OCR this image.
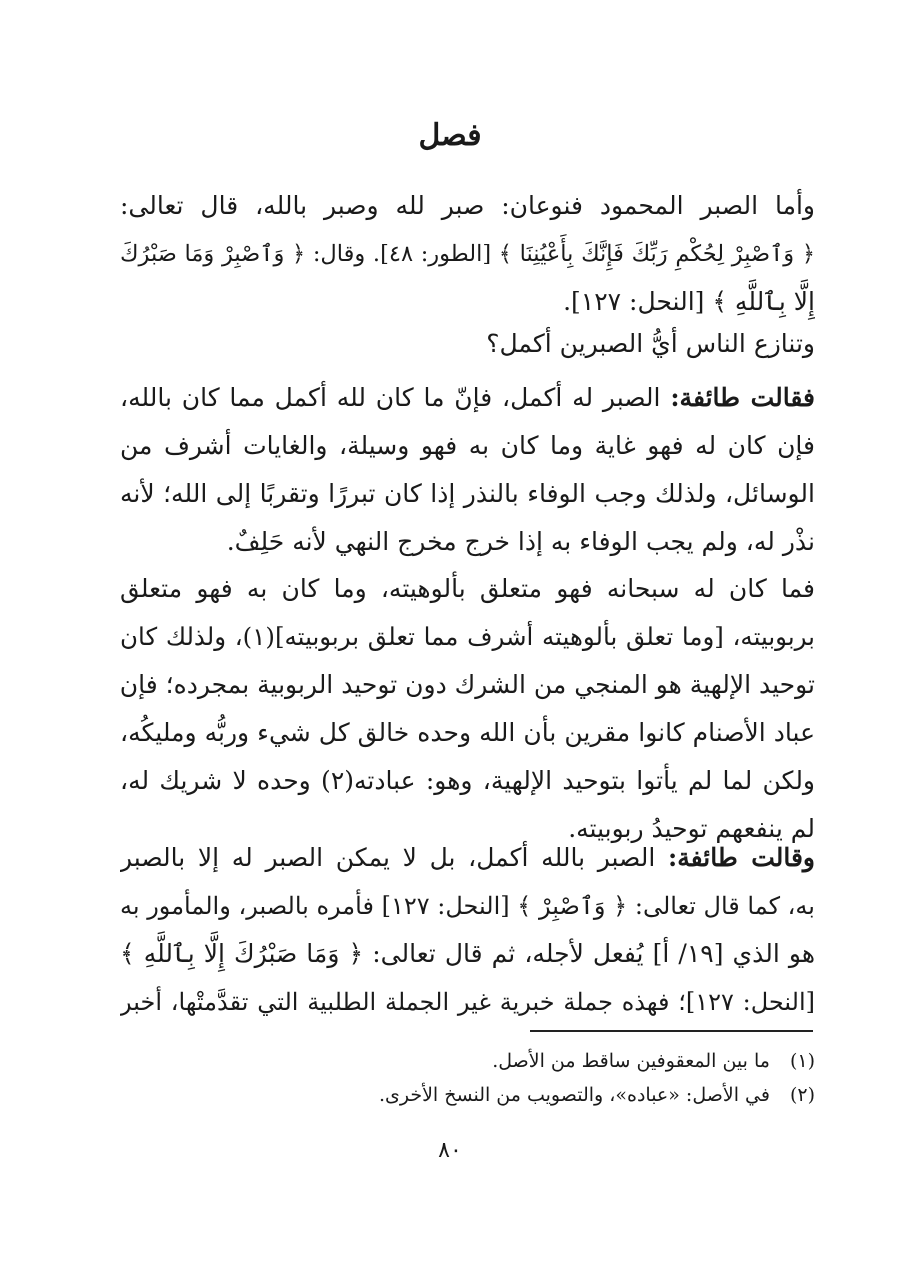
فصل
وأما الصبر المحمود فنوعان: صبر لله وصبر بالله، قال تعالى:
﴿ وَٱصْبِرْ لِحُكْمِ رَبِّكَ فَإِنَّكَ بِأَعْيُنِنَا ﴾ [الطور: ٤٨]. وقال: ﴿ وَٱصْبِرْ وَمَا صَبْرُكَ
إِلَّا بِٱللَّهِ ﴾ [النحل: ١٢٧].
وتنازع الناس أيُّ الصبرين أكمل؟
فقالت طائفة: الصبر له أكمل، فإنّ ما كان لله أكمل مما كان بالله،
فإن كان له فهو غاية وما كان به فهو وسيلة، والغايات أشرف من
الوسائل، ولذلك وجب الوفاء بالنذر إذا كان تبررًا وتقربًا إلى الله؛ لأنه
نذْر له، ولم يجب الوفاء به إذا خرج مخرج النهي لأنه حَلِفٌ.
فما كان له سبحانه فهو متعلق بألوهيته، وما كان به فهو متعلق
بربوبيته، [وما تعلق بألوهيته أشرف مما تعلق بربوبيته](١)، ولذلك كان
توحيد الإلهية هو المنجي من الشرك دون توحيد الربوبية بمجرده؛ فإن
عباد الأصنام كانوا مقرين بأن الله وحده خالق كل شيء وربُّه ومليكُه،
ولكن لما لم يأتوا بتوحيد الإلهية، وهو: عبادته(٢) وحده لا شريك له،
لم ينفعهم توحيدُ ربوبيته.
وقالت طائفة: الصبر بالله أكمل، بل لا يمكن الصبر له إلا بالصبر
به، كما قال تعالى: ﴿ وَٱصْبِرْ ﴾ [النحل: ١٢٧] فأمره بالصبر، والمأمور به
هو الذي [١٩/ أ] يُفعل لأجله، ثم قال تعالى: ﴿ وَمَا صَبْرُكَ إِلَّا بِٱللَّهِ ﴾
[النحل: ١٢٧]؛ فهذه جملة خبرية غير الجملة الطلبية التي تقدَّمتْها، أخبر
(١)ما بين المعقوفين ساقط من الأصل.
(٢)في الأصل: «عباده»، والتصويب من النسخ الأخرى.
٨٠
